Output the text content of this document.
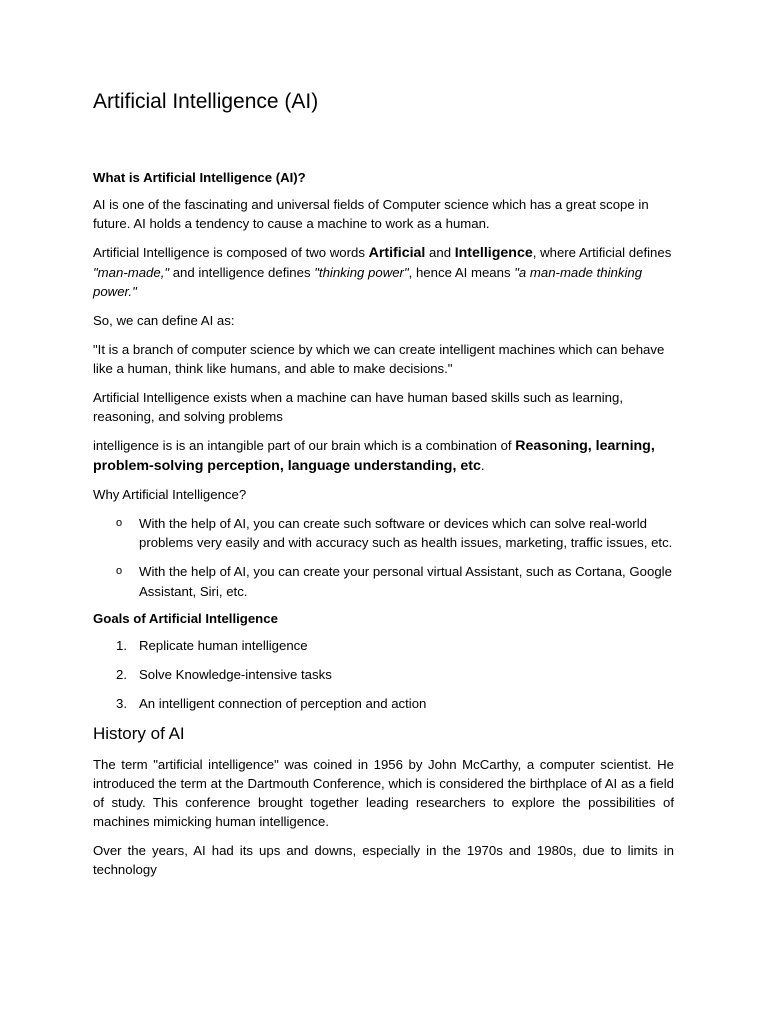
Artificial Intelligence (AI)
What is Artificial Intelligence (AI)?

AI is one of the fascinating and universal fields of Computer science which has a great scope in future. AI holds a tendency to cause a machine to work as a human.

Artificial Intelligence is composed of two words Artificial and Intelligence, where Artificial defines "man-made," and intelligence defines "thinking power", hence AI means "a man-made thinking power."

So, we can define AI as:

"It is a branch of computer science by which we can create intelligent machines which can behave like a human, think like humans, and able to make decisions."

Artificial Intelligence exists when a machine can have human based skills such as learning, reasoning, and solving problems

intelligence is is an intangible part of our brain which is a combination of Reasoning, learning, problem-solving perception, language understanding, etc.

Why Artificial Intelligence?

o With the help of AI, you can create such software or devices which can solve real-world problems very easily and with accuracy such as health issues, marketing, traffic issues, etc.
o With the help of AI, you can create your personal virtual Assistant, such as Cortana, Google Assistant, Siri, etc.
Goals of Artificial Intelligence
1. Replicate human intelligence
2. Solve Knowledge-intensive tasks
3. An intelligent connection of perception and action
History of AI

The term "artificial intelligence" was coined in 1956 by John McCarthy, a computer scientist. He introduced the term at the Dartmouth Conference, which is considered the birthplace of AI as a field of study. This conference brought together leading researchers to explore the possibilities of machines mimicking human intelligence.

Over the years, AI had its ups and downs, especially in the 1970s and 1980s, due to limits in technology
